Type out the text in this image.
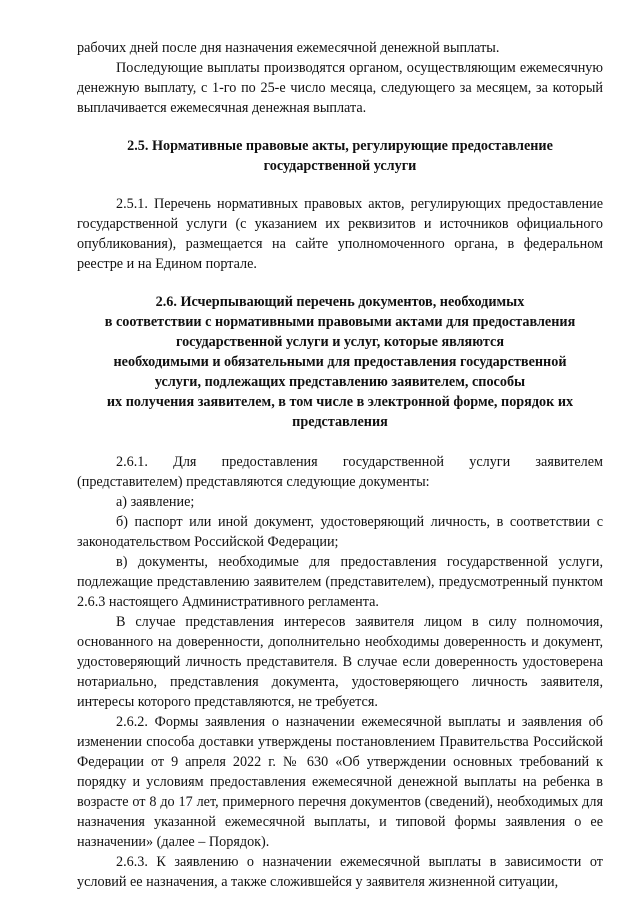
рабочих дней после дня назначения ежемесячной денежной выплаты.

Последующие выплаты производятся органом, осуществляющим ежемесячную денежную выплату, с 1-го по 25-е число месяца, следующего за месяцем, за который выплачивается ежемесячная денежная выплата.

2.5. Нормативные правовые акты, регулирующие предоставление
государственной услуги

2.5.1. Перечень нормативных правовых актов, регулирующих предоставление государственной услуги (с указанием их реквизитов и источников официального опубликования), размещается на сайте уполномоченного органа, в федеральном реестре и на Едином портале.

2.6. Исчерпывающий перечень документов, необходимых
в соответствии с нормативными правовыми актами для предоставления
государственной услуги и услуг, которые являются
необходимыми и обязательными для предоставления государственной
услуги, подлежащих представлению заявителем, способы
их получения заявителем, в том числе в электронной форме, порядок их
представления

2.6.1. Для предоставления государственной услуги заявителем (представителем) представляются следующие документы:

а) заявление;

б) паспорт или иной документ, удостоверяющий личность, в соответствии с законодательством Российской Федерации;

в) документы, необходимые для предоставления государственной услуги, подлежащие представлению заявителем (представителем), предусмотренный пунктом 2.6.3 настоящего Административного регламента.

В случае представления интересов заявителя лицом в силу полномочия, основанного на доверенности, дополнительно необходимы доверенность и документ, удостоверяющий личность представителя. В случае если доверенность удостоверена нотариально, представления документа, удостоверяющего личность заявителя, интересы которого представляются, не требуется.

2.6.2. Формы заявления о назначении ежемесячной выплаты и заявления об изменении способа доставки утверждены постановлением Правительства Российской Федерации от 9 апреля 2022 г. № 630 «Об утверждении основных требований к порядку и условиям предоставления ежемесячной денежной выплаты на ребенка в возрасте от 8 до 17 лет, примерного перечня документов (сведений), необходимых для назначения указанной ежемесячной выплаты, и типовой формы заявления о ее назначении» (далее – Порядок).

2.6.3. К заявлению о назначении ежемесячной выплаты в зависимости от условий ее назначения, а также сложившейся у заявителя жизненной ситуации,
